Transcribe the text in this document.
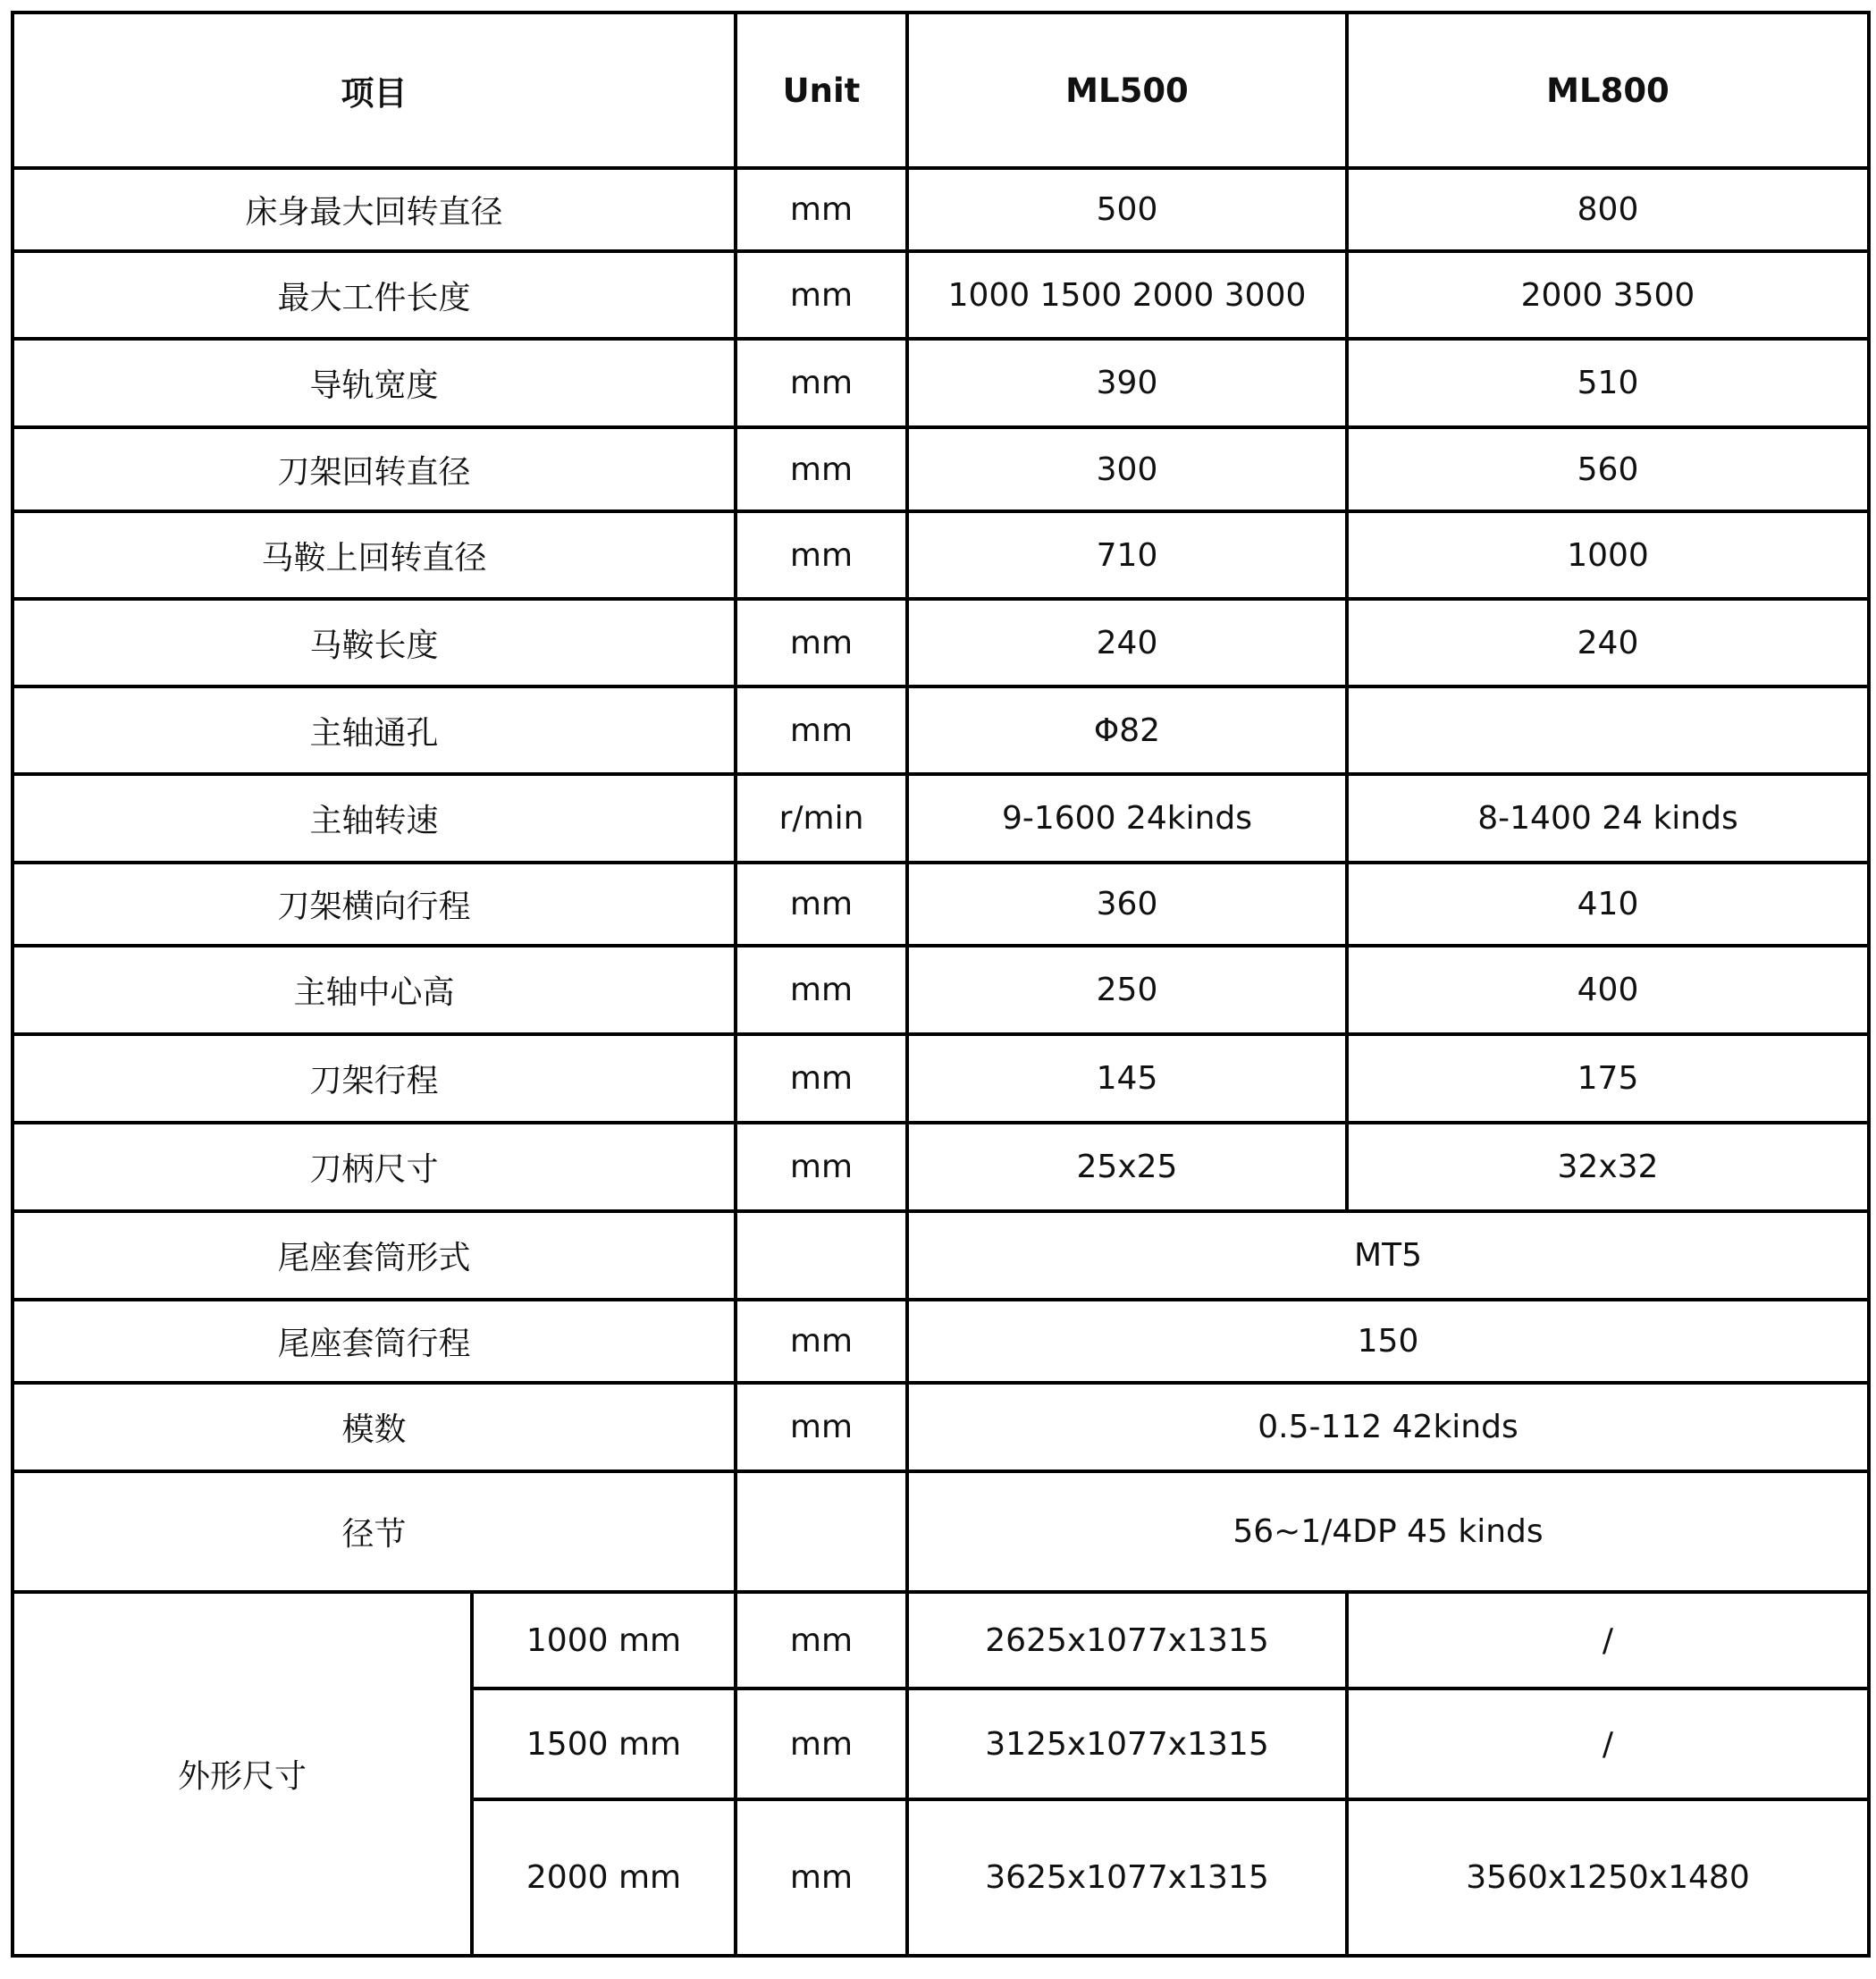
项目		Unit	ML500	ML800
床身最大回转直径		mm	500	800
最大工件长度		mm	1000 1500 2000 3000	2000 3500
导轨宽度		mm	390	510
刀架回转直径		mm	300	560
马鞍上回转直径		mm	710	1000
马鞍长度		mm	240	240
主轴通孔		mm	Φ82	
主轴转速		r/min	9-1600 24kinds	8-1400 24 kinds
刀架横向行程		mm	360	410
主轴中心高		mm	250	400
刀架行程		mm	145	175
刀柄尺寸		mm	25x25	32x32
尾座套筒形式			MT5	
尾座套筒行程		mm	150	
模数		mm	0.5-112 42kinds	
径节			56~1/4DP 45 kinds	
外形尺寸	1000 mm	mm	2625x1077x1315	/
	1500 mm	mm	3125x1077x1315	/
	2000 mm	mm	3625x1077x1315	3560x1250x1480
